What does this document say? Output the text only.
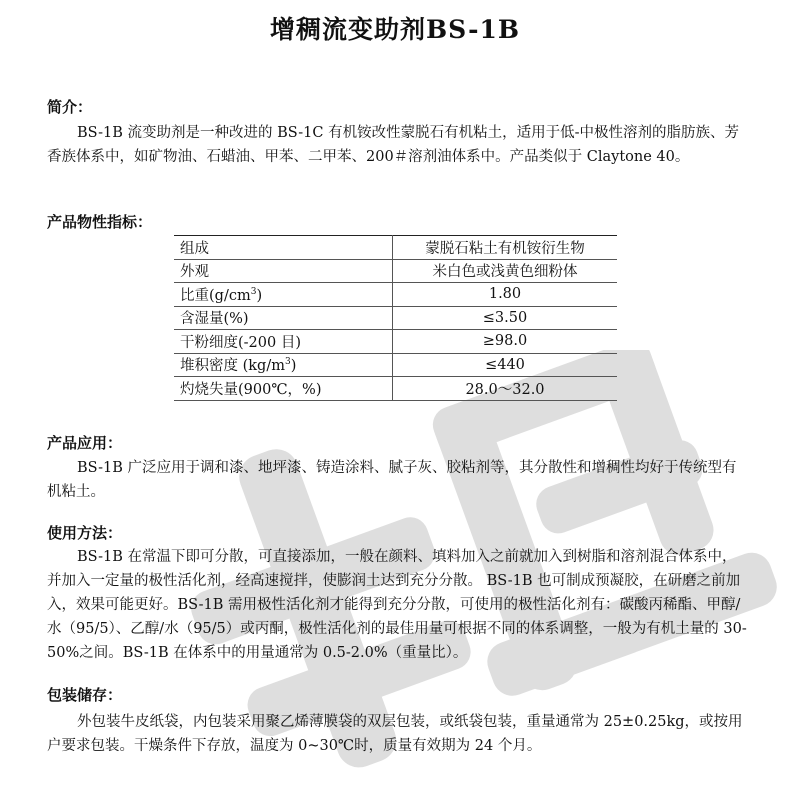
增稠流变助剂BS-1B
简介：

BS-1B 流变助剂是一种改进的 BS-1C 有机铵改性蒙脱石有机粘土，适用于低-中极性溶剂的脂肪族、芳香族体系中，如矿物油、石蜡油、甲苯、二甲苯、200＃溶剂油体系中。产品类似于 Claytone 40。

产品物性指标：
组成	蒙脱石粘土有机铵衍生物
外观	米白色或浅黄色细粉体
比重$(g/cm^3)$	1.80
含湿量(%)	≤3.50
干粉细度(-200 目)	≥98.0
堆积密度 $(kg/m^3)$	≤440
灼烧失量(900℃，%)	28.0～32.0
产品应用：

BS-1B 广泛应用于调和漆、地坪漆、铸造涂料、腻子灰、胶粘剂等，其分散性和增稠性均好于传统型有机粘土。

使用方法：

BS-1B 在常温下即可分散，可直接添加，一般在颜料、填料加入之前就加入到树脂和溶剂混合体系中，并加入一定量的极性活化剂，经高速搅拌，使膨润土达到充分分散。 BS-1B 也可制成预凝胶，在研磨之前加入，效果可能更好。BS-1B 需用极性活化剂才能得到充分分散，可使用的极性活化剂有：碳酸丙稀酯、甲醇/水（95/5）、乙醇/水（95/5）或丙酮，极性活化剂的最佳用量可根据不同的体系调整，一般为有机土量的 30-50%之间。BS-1B 在体系中的用量通常为 0.5-2.0%（重量比）。

包装储存：

外包装牛皮纸袋，内包装采用聚乙烯薄膜袋的双层包装，或纸袋包装，重量通常为 25±0.25kg，或按用户要求包装。干燥条件下存放，温度为 0~30℃时，质量有效期为 24 个月。
